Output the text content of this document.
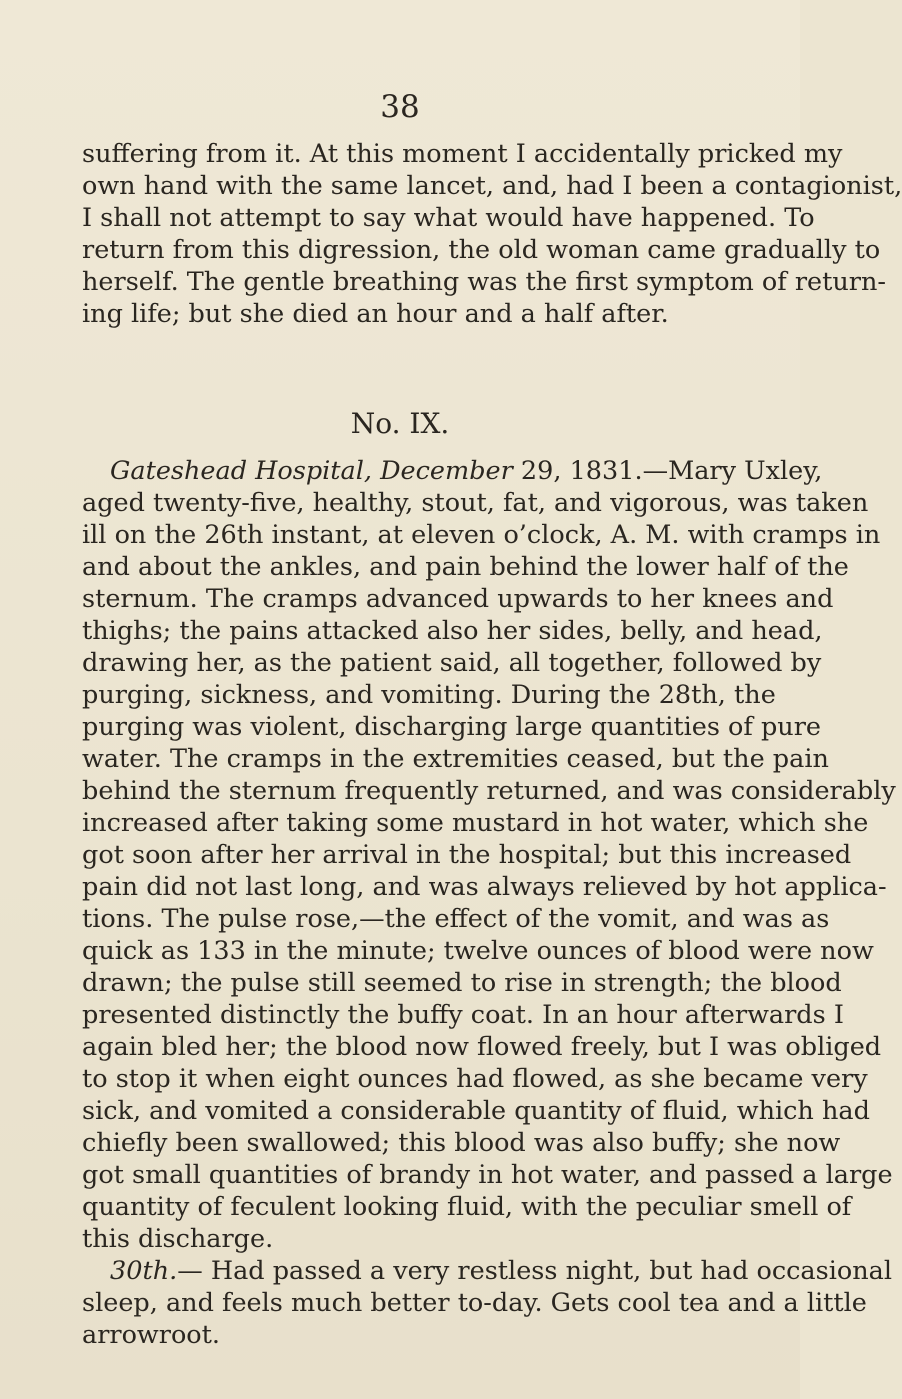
38
suffering from it. At this moment I accidentally pricked my
own hand with the same lancet, and, had I been a contagionist,
I shall not attempt to say what would have happened. To
return from this digression, the old woman came gradually to
herself. The gentle breathing was the first symptom of return-
ing life; but she died an hour and a half after.
No. IX.
Gateshead Hospital, December 29, 1831.—Mary Uxley,
aged twenty-five, healthy, stout, fat, and vigorous, was taken
ill on the 26th instant, at eleven o’clock, A. M. with cramps in
and about the ankles, and pain behind the lower half of the
sternum. The cramps advanced upwards to her knees and
thighs; the pains attacked also her sides, belly, and head,
drawing her, as the patient said, all together, followed by
purging, sickness, and vomiting. During the 28th, the
purging was violent, discharging large quantities of pure
water. The cramps in the extremities ceased, but the pain
behind the sternum frequently returned, and was considerably
increased after taking some mustard in hot water, which she
got soon after her arrival in the hospital; but this increased
pain did not last long, and was always relieved by hot applica-
tions. The pulse rose,—the effect of the vomit, and was as
quick as 133 in the minute; twelve ounces of blood were now
drawn; the pulse still seemed to rise in strength; the blood
presented distinctly the buffy coat. In an hour afterwards I
again bled her; the blood now flowed freely, but I was obliged
to stop it when eight ounces had flowed, as she became very
sick, and vomited a considerable quantity of fluid, which had
chiefly been swallowed; this blood was also buffy; she now
got small quantities of brandy in hot water, and passed a large
quantity of feculent looking fluid, with the peculiar smell of
this discharge.
30th.— Had passed a very restless night, but had occasional
sleep, and feels much better to-day. Gets cool tea and a little
arrowroot.
